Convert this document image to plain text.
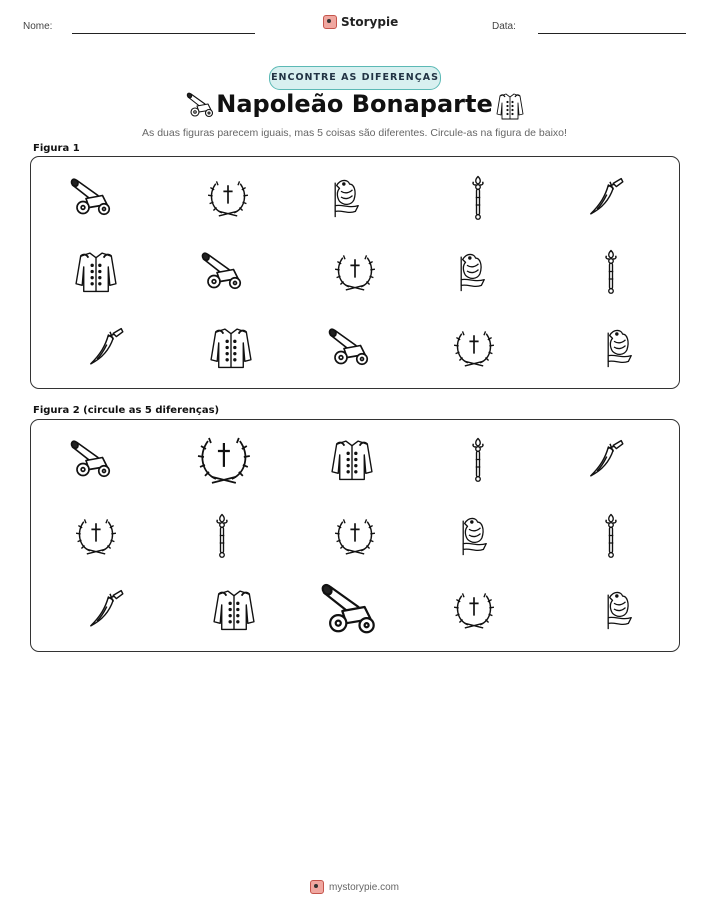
Nome:	Storypie	Data:
ENCONTRE AS DIFERENÇAS
Napoleão Bonaparte
As duas figuras parecem iguais, mas 5 coisas são diferentes. Circule-as na figura de baixo!
Figura 1
Figura 2 (circule as 5 diferenças)
mystorypie.com
